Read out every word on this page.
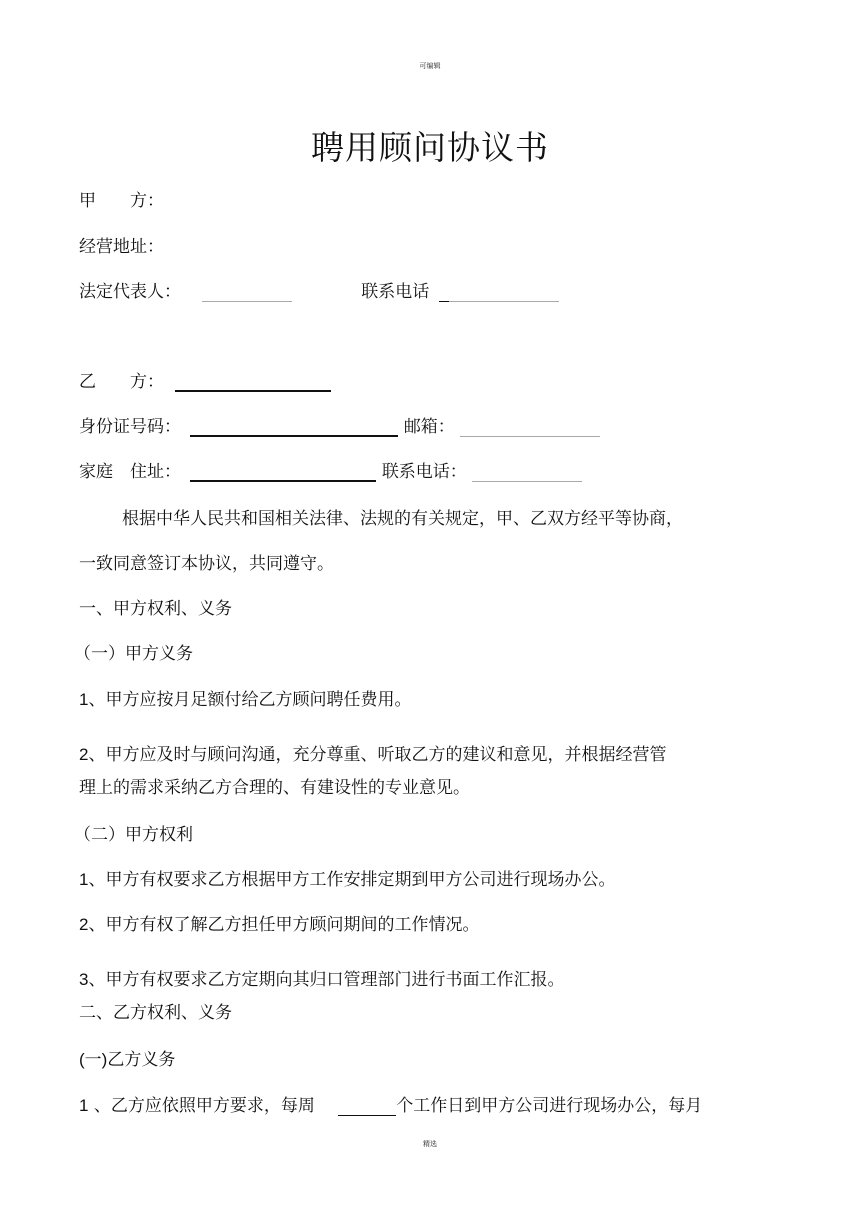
可编辑
聘用顾问协议书
甲　　方：
经营地址：
法定代表人：	联系电话
乙　　方：
身份证号码：	邮箱：
家庭　住址：	联系电话：
根据中华人民共和国相关法律、法规的有关规定，甲、乙双方经平等协商，
一致同意签订本协议，共同遵守。
一、甲方权利、义务
（一）甲方义务
1、甲方应按月足额付给乙方顾问聘任费用。
2、甲方应及时与顾问沟通，充分尊重、听取乙方的建议和意见，并根据经营管
理上的需求采纳乙方合理的、有建设性的专业意见。
（二）甲方权利
1、甲方有权要求乙方根据甲方工作安排定期到甲方公司进行现场办公。
2、甲方有权了解乙方担任甲方顾问期间的工作情况。
3、甲方有权要求乙方定期向其归口管理部门进行书面工作汇报。
二、乙方权利、义务
(一)乙方义务
1 、乙方应依照甲方要求，每周	个工作日到甲方公司进行现场办公，每月
精选
